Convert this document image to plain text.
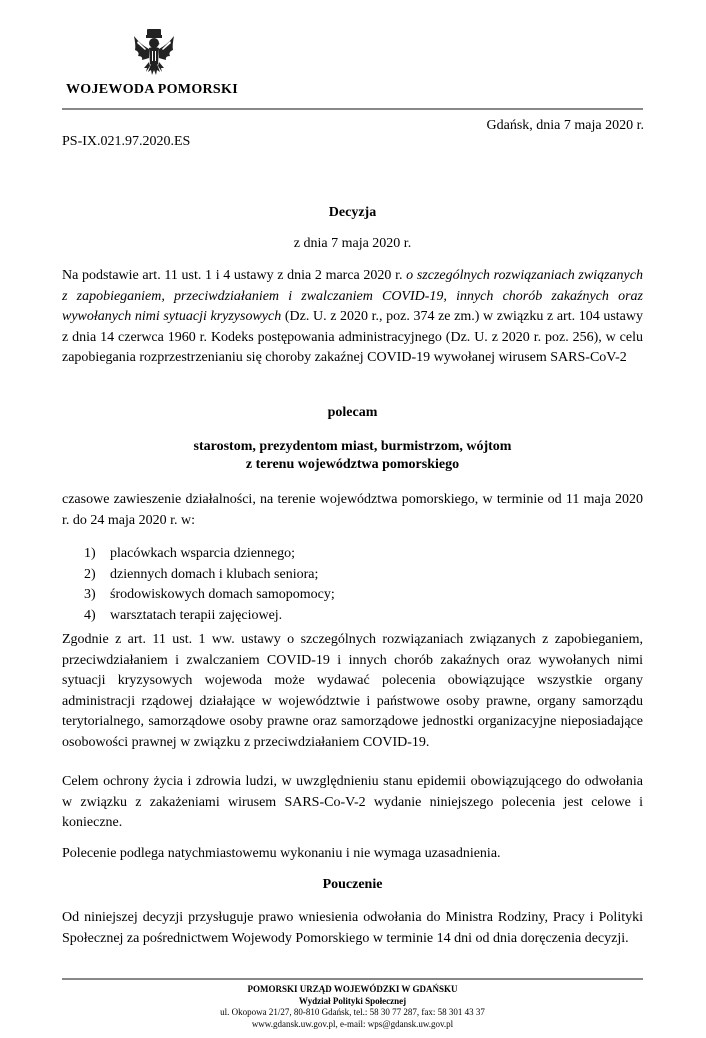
WOJEWODA POMORSKI
Gdańsk, dnia 7 maja 2020 r.
PS-IX.021.97.2020.ES
Decyzja
z dnia 7 maja 2020 r.
Na podstawie art. 11 ust. 1 i 4 ustawy z dnia 2 marca 2020 r. o szczególnych rozwiązaniach związanych z zapobieganiem, przeciwdziałaniem i zwalczaniem COVID-19, innych chorób zakaźnych oraz wywołanych nimi sytuacji kryzysowych (Dz. U. z 2020 r., poz. 374 ze zm.) w związku z art. 104 ustawy z dnia 14 czerwca 1960 r. Kodeks postępowania administracyjnego (Dz. U. z 2020 r. poz. 256), w celu zapobiegania rozprzestrzenianiu się choroby zakaźnej COVID-19 wywołanej wirusem SARS-CoV-2
polecam
starostom, prezydentom miast, burmistrzom, wójtom
z terenu województwa pomorskiego
czasowe zawieszenie działalności, na terenie województwa pomorskiego, w terminie od 11 maja 2020 r. do 24 maja 2020 r. w:
1) placówkach wsparcia dziennego;
2) dziennych domach i klubach seniora;
3) środowiskowych domach samopomocy;
4) warsztatach terapii zajęciowej.
Zgodnie z art. 11 ust. 1 ww. ustawy o szczególnych rozwiązaniach związanych z zapobieganiem, przeciwdziałaniem i zwalczaniem COVID-19 i innych chorób zakaźnych oraz wywołanych nimi sytuacji kryzysowych wojewoda może wydawać polecenia obowiązujące wszystkie organy administracji rządowej działające w województwie i państwowe osoby prawne, organy samorządu terytorialnego, samorządowe osoby prawne oraz samorządowe jednostki organizacyjne nieposiadające osobowości prawnej w związku z przeciwdziałaniem COVID-19.
Celem ochrony życia i zdrowia ludzi, w uwzględnieniu stanu epidemii obowiązującego do odwołania w związku z zakażeniami wirusem SARS-Co-V-2 wydanie niniejszego polecenia jest celowe i konieczne.
Polecenie podlega natychmiastowemu wykonaniu i nie wymaga uzasadnienia.
Pouczenie
Od niniejszej decyzji przysługuje prawo wniesienia odwołania do Ministra Rodziny, Pracy i Polityki Społecznej za pośrednictwem Wojewody Pomorskiego w terminie 14 dni od dnia doręczenia decyzji.
POMORSKI URZĄD WOJEWÓDZKI W GDAŃSKU
Wydział Polityki Społecznej
ul. Okopowa 21/27, 80-810 Gdańsk, tel.: 58 30 77 287, fax: 58 301 43 37
www.gdansk.uw.gov.pl, e-mail: wps@gdansk.uw.gov.pl
